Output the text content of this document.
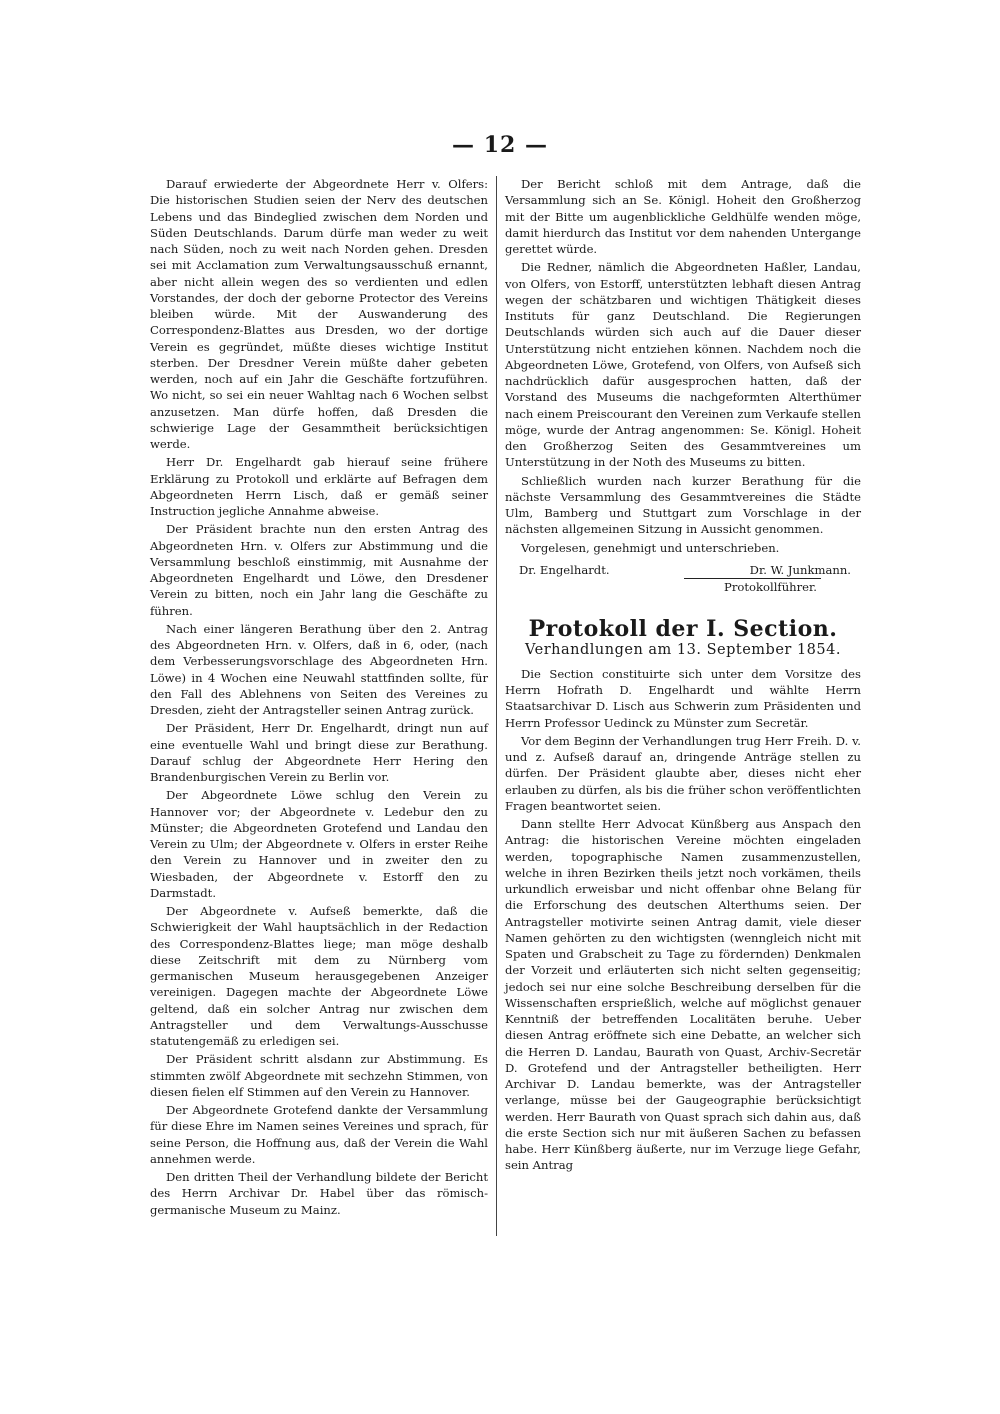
— 12 —

Darauf erwiederte der Abgeordnete Herr v. Olfers: Die historischen Studien seien der Nerv des deutschen Lebens und das Bindeglied zwischen dem Norden und Süden Deutschlands. Darum dürfe man weder zu weit nach Süden, noch zu weit nach Norden gehen. Dresden sei mit Acclamation zum Verwaltungsausschuß ernannt, aber nicht allein wegen des so verdienten und edlen Vorstandes, der doch der geborne Protector des Vereins bleiben würde. Mit der Auswanderung des Correspondenz-Blattes aus Dresden, wo der dortige Verein es gegründet, müßte dieses wichtige Institut sterben. Der Dresdner Verein müßte daher gebeten werden, noch auf ein Jahr die Geschäfte fortzuführen. Wo nicht, so sei ein neuer Wahltag nach 6 Wochen selbst anzusetzen. Man dürfe hoffen, daß Dresden die schwierige Lage der Gesammtheit berücksichtigen werde.

Herr Dr. Engelhardt gab hierauf seine frühere Erklärung zu Protokoll und erklärte auf Befragen dem Abgeordneten Herrn Lisch, daß er gemäß seiner Instruction jegliche Annahme abweise.

Der Präsident brachte nun den ersten Antrag des Abgeordneten Hrn. v. Olfers zur Abstimmung und die Versammlung beschloß einstimmig, mit Ausnahme der Abgeordneten Engelhardt und Löwe, den Dresdener Verein zu bitten, noch ein Jahr lang die Geschäfte zu führen.

Nach einer längeren Berathung über den 2. Antrag des Abgeordneten Hrn. v. Olfers, daß in 6, oder, (nach dem Verbesserungsvorschlage des Abgeordneten Hrn. Löwe) in 4 Wochen eine Neuwahl stattfinden sollte, für den Fall des Ablehnens von Seiten des Vereines zu Dresden, zieht der Antragsteller seinen Antrag zurück.

Der Präsident, Herr Dr. Engelhardt, dringt nun auf eine eventuelle Wahl und bringt diese zur Berathung. Darauf schlug der Abgeordnete Herr Hering den Brandenburgischen Verein zu Berlin vor.

Der Abgeordnete Löwe schlug den Verein zu Hannover vor; der Abgeordnete v. Ledebur den zu Münster; die Abgeordneten Grotefend und Landau den Verein zu Ulm; der Abgeordnete v. Olfers in erster Reihe den Verein zu Hannover und in zweiter den zu Wiesbaden, der Abgeordnete v. Estorff den zu Darmstadt.

Der Abgeordnete v. Aufseß bemerkte, daß die Schwierigkeit der Wahl hauptsächlich in der Redaction des Correspondenz-Blattes liege; man möge deshalb diese Zeitschrift mit dem zu Nürnberg vom germanischen Museum herausgegebenen Anzeiger vereinigen. Dagegen machte der Abgeordnete Löwe geltend, daß ein solcher Antrag nur zwischen dem Antragsteller und dem Verwaltungs-Ausschusse statutengemäß zu erledigen sei.

Der Präsident schritt alsdann zur Abstimmung. Es stimmten zwölf Abgeordnete mit sechzehn Stimmen, von diesen fielen elf Stimmen auf den Verein zu Hannover.

Der Abgeordnete Grotefend dankte der Versammlung für diese Ehre im Namen seines Vereines und sprach, für seine Person, die Hoffnung aus, daß der Verein die Wahl annehmen werde.

Den dritten Theil der Verhandlung bildete der Bericht des Herrn Archivar Dr. Habel über das römisch-germanische Museum zu Mainz.

Der Bericht schloß mit dem Antrage, daß die Versammlung sich an Se. Königl. Hoheit den Großherzog mit der Bitte um augenblickliche Geldhülfe wenden möge, damit hierdurch das Institut vor dem nahenden Untergange gerettet würde.

Die Redner, nämlich die Abgeordneten Haßler, Landau, von Olfers, von Estorff, unterstützten lebhaft diesen Antrag wegen der schätzbaren und wichtigen Thätigkeit dieses Instituts für ganz Deutschland. Die Regierungen Deutschlands würden sich auch auf die Dauer dieser Unterstützung nicht entziehen können. Nachdem noch die Abgeordneten Löwe, Grotefend, von Olfers, von Aufseß sich nachdrücklich dafür ausgesprochen hatten, daß der Vorstand des Museums die nachgeformten Alterthümer nach einem Preiscourant den Vereinen zum Verkaufe stellen möge, wurde der Antrag angenommen: Se. Königl. Hoheit den Großherzog Seiten des Gesammtvereines um Unterstützung in der Noth des Museums zu bitten.

Schließlich wurden nach kurzer Berathung für die nächste Versammlung des Gesammtvereines die Städte Ulm, Bamberg und Stuttgart zum Vorschlage in der nächsten allgemeinen Sitzung in Aussicht genommen.

Vorgelesen, genehmigt und unterschrieben.

Dr. Engelhardt.	Dr. W. Junkmann.
Protokollführer.
Protokoll der I. Section.
Verhandlungen am 13. September 1854.

Die Section constituirte sich unter dem Vorsitze des Herrn Hofrath D. Engelhardt und wählte Herrn Staatsarchivar D. Lisch aus Schwerin zum Präsidenten und Herrn Professor Uedinck zu Münster zum Secretär.

Vor dem Beginn der Verhandlungen trug Herr Freih. D. v. und z. Aufseß darauf an, dringende Anträge stellen zu dürfen. Der Präsident glaubte aber, dieses nicht eher erlauben zu dürfen, als bis die früher schon veröffentlichten Fragen beantwortet seien.

Dann stellte Herr Advocat Künßberg aus Anspach den Antrag: die historischen Vereine möchten eingeladen werden, topographische Namen zusammenzustellen, welche in ihren Bezirken theils jetzt noch vorkämen, theils urkundlich erweisbar und nicht offenbar ohne Belang für die Erforschung des deutschen Alterthums seien. Der Antragsteller motivirte seinen Antrag damit, viele dieser Namen gehörten zu den wichtigsten (wenngleich nicht mit Spaten und Grabscheit zu Tage zu fördernden) Denkmalen der Vorzeit und erläuterten sich nicht selten gegenseitig; jedoch sei nur eine solche Beschreibung derselben für die Wissenschaften ersprießlich, welche auf möglichst genauer Kenntniß der betreffenden Localitäten beruhe. Ueber diesen Antrag eröffnete sich eine Debatte, an welcher sich die Herren D. Landau, Baurath von Quast, Archiv-Secretär D. Grotefend und der Antragsteller betheiligten. Herr Archivar D. Landau bemerkte, was der Antragsteller verlange, müsse bei der Gaugeographie berücksichtigt werden. Herr Baurath von Quast sprach sich dahin aus, daß die erste Section sich nur mit äußeren Sachen zu befassen habe. Herr Künßberg äußerte, nur im Verzuge liege Gefahr, sein Antrag
